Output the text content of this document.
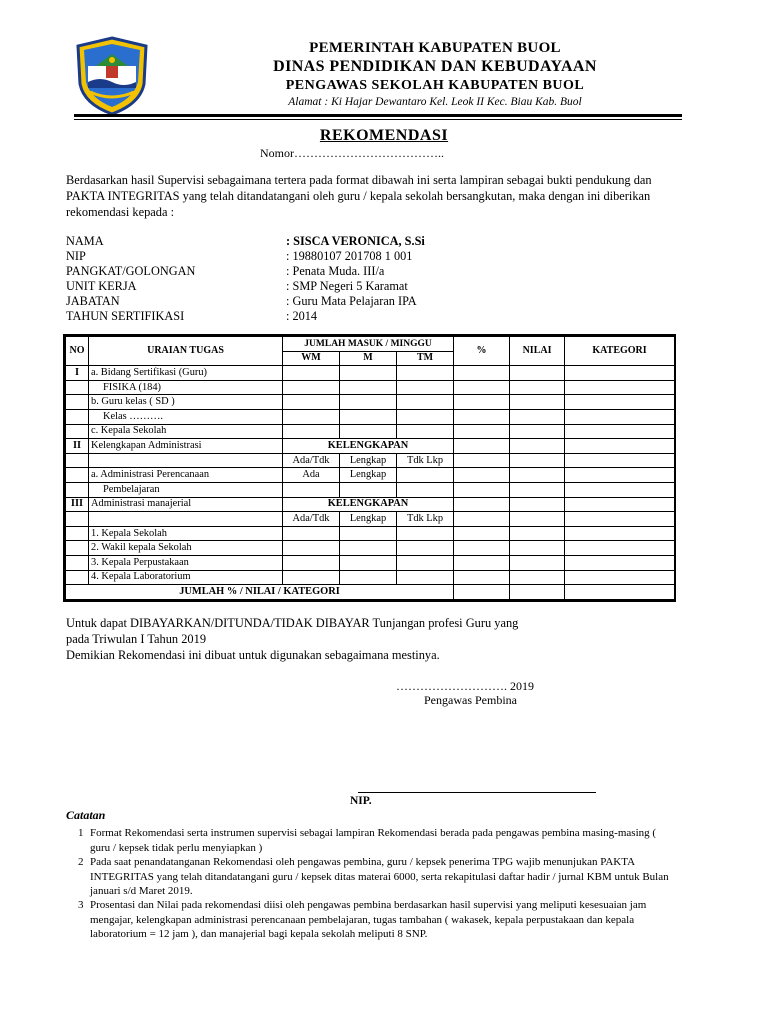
PEMERINTAH KABUPATEN BUOL
DINAS PENDIDIKAN DAN KEBUDAYAAN
PENGAWAS SEKOLAH KABUPATEN BUOL
Alamat : Ki Hajar Dewantaro Kel. Leok II Kec. Biau Kab. Buol
REKOMENDASI
Nomor………………………………..
Berdasarkan hasil Supervisi sebagaimana tertera pada format dibawah ini serta lampiran sebagai bukti pendukung dan PAKTA INTEGRITAS yang telah ditandatangani oleh guru / kepala sekolah bersangkutan, maka dengan ini diberikan rekomendasi kepada :
NAMA	: SISCA VERONICA, S.Si
NIP	: 19880107 201708 1 001
PANGKAT/GOLONGAN	: Penata Muda. III/a
UNIT KERJA	: SMP Negeri 5 Karamat
JABATAN	: Guru Mata Pelajaran IPA
TAHUN SERTIFIKASI	: 2014
NO	URAIAN TUGAS	JUMLAH MASUK / MINGGU			%	NILAI	KATEGORI
		WM	M	TM			
I	a. Bidang Sertifikasi (Guru)						
	FISIKA (184)						
	b. Guru kelas ( SD )						
	Kelas ……….						
	c. Kepala Sekolah						
II	Kelengkapan Administrasi	KELENGKAPAN					
		Ada/Tdk	Lengkap	Tdk Lkp			
	a. Administrasi Perencanaan	Ada	Lengkap				
	Pembelajaran						
III	Administrasi manajerial	KELENGKAPAN					
		Ada/Tdk	Lengkap	Tdk Lkp			
	1. Kepala Sekolah						
	2. Wakil kepala Sekolah						
	3. Kepala Perpustakaan						
	4. Kepala Laboratorium						
JUMLAH % / NILAI / KATEGORI							
Untuk dapat DIBAYARKAN/DITUNDA/TIDAK DIBAYAR Tunjangan profesi Guru yang
pada Triwulan I Tahun 2019
Demikian Rekomendasi ini dibuat untuk digunakan sebagaimana mestinya.
………………………. 2019
Pengawas Pembina
NIP.
Catatan
1 Format Rekomendasi serta instrumen supervisi sebagai lampiran Rekomendasi berada pada pengawas pembina masing-masing ( guru / kepsek tidak perlu menyiapkan )
2 Pada saat penandatanganan Rekomendasi oleh pengawas pembina, guru / kepsek penerima TPG wajib menunjukan PAKTA INTEGRITAS yang telah ditandatangani guru / kepsek ditas materai 6000, serta rekapitulasi daftar hadir / jurnal KBM untuk Bulan januari s/d Maret 2019.
3 Prosentasi dan Nilai pada rekomendasi diisi oleh pengawas pembina berdasarkan hasil supervisi yang meliputi kesesuaian jam mengajar, kelengkapan administrasi perencanaan pembelajaran, tugas tambahan ( wakasek, kepala perpustakaan dan kepala laboratorium = 12 jam ), dan manajerial bagi kepala sekolah meliputi 8 SNP.
